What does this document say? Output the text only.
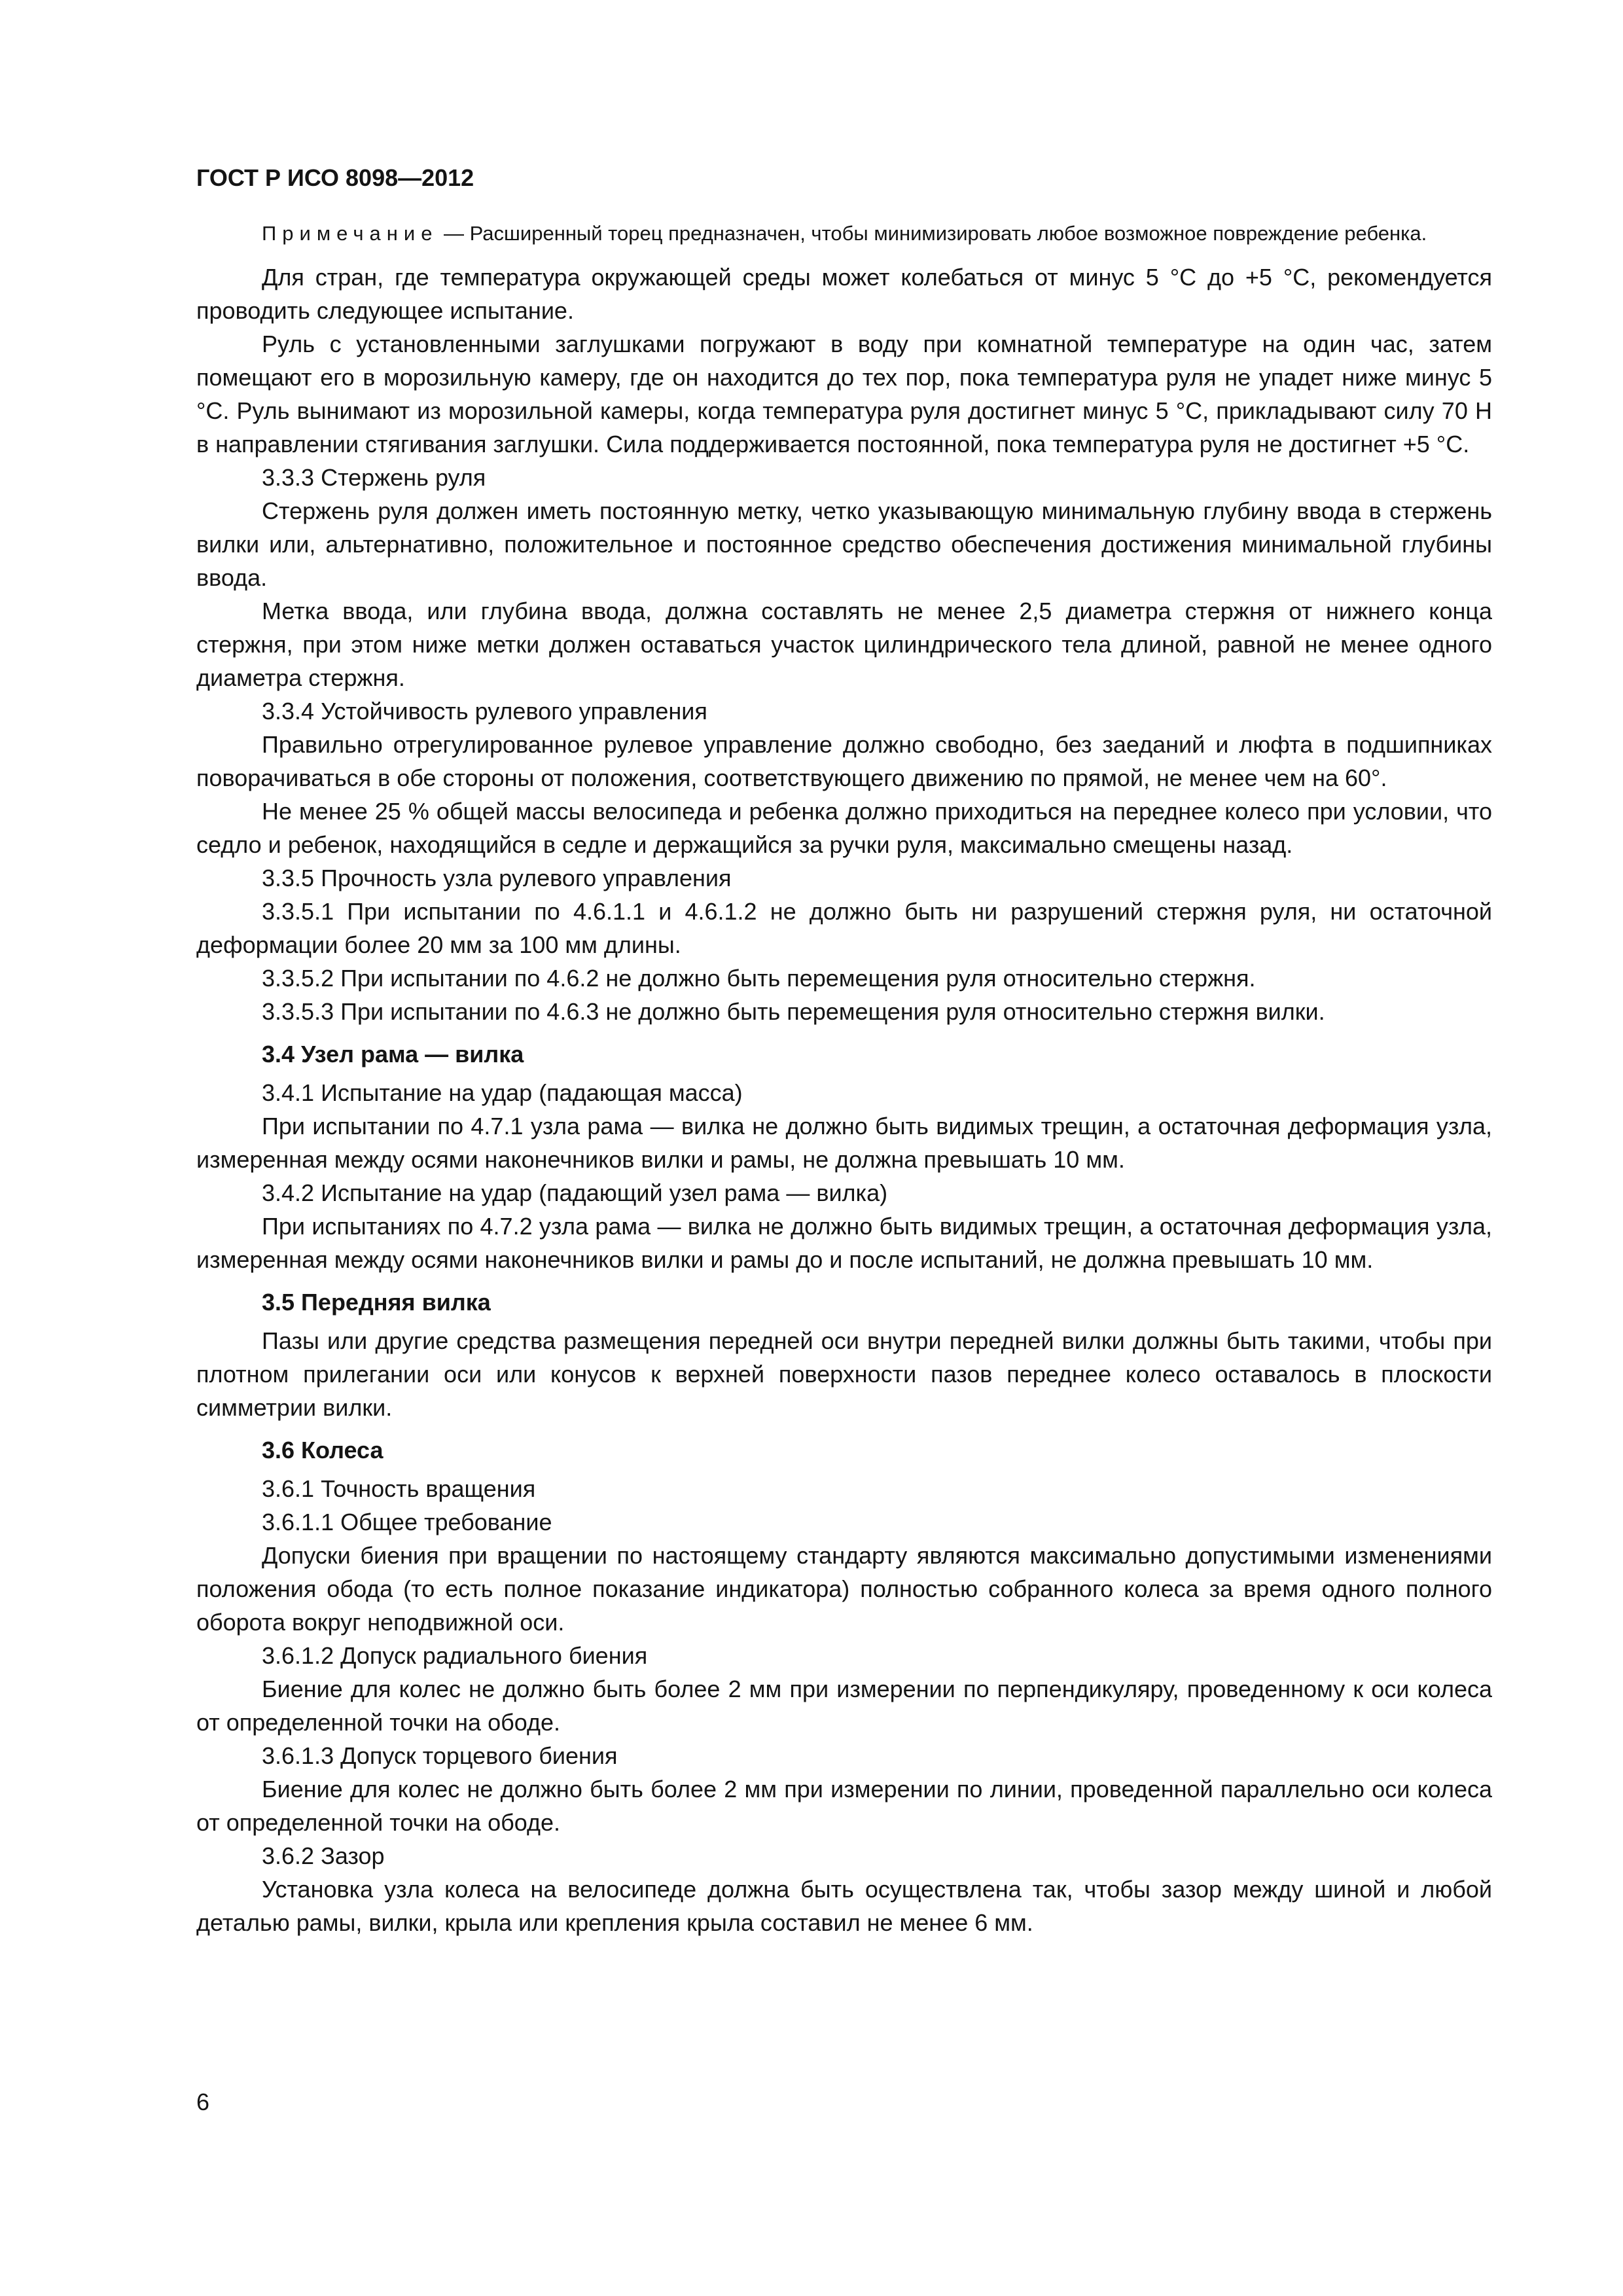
ГОСТ Р ИСО 8098—2012

Примечание — Расширенный торец предназначен, чтобы минимизировать любое возможное повреждение ребенка.

Для стран, где температура окружающей среды может колебаться от минус 5 °С до +5 °С, рекомендуется проводить следующее испытание.

Руль с установленными заглушками погружают в воду при комнатной температуре на один час, затем помещают его в морозильную камеру, где он находится до тех пор, пока температура руля не упадет ниже минус 5 °С. Руль вынимают из морозильной камеры, когда температура руля достигнет минус 5 °С, прикладывают силу 70 Н в направлении стягивания заглушки. Сила поддерживается постоянной, пока температура руля не достигнет +5 °С.

3.3.3 Стержень руля

Стержень руля должен иметь постоянную метку, четко указывающую минимальную глубину ввода в стержень вилки или, альтернативно, положительное и постоянное средство обеспечения достижения минимальной глубины ввода.

Метка ввода, или глубина ввода, должна составлять не менее 2,5 диаметра стержня от нижнего конца стержня, при этом ниже метки должен оставаться участок цилиндрического тела длиной, равной не менее одного диаметра стержня.

3.3.4 Устойчивость рулевого управления

Правильно отрегулированное рулевое управление должно свободно, без заеданий и люфта в подшипниках поворачиваться в обе стороны от положения, соответствующего движению по прямой, не менее чем на 60°.

Не менее 25 % общей массы велосипеда и ребенка должно приходиться на переднее колесо при условии, что седло и ребенок, находящийся в седле и держащийся за ручки руля, максимально смещены назад.

3.3.5 Прочность узла рулевого управления

3.3.5.1 При испытании по 4.6.1.1 и 4.6.1.2 не должно быть ни разрушений стержня руля, ни остаточной деформации более 20 мм за 100 мм длины.

3.3.5.2 При испытании по 4.6.2 не должно быть перемещения руля относительно стержня.

3.3.5.3 При испытании по 4.6.3 не должно быть перемещения руля относительно стержня вилки.

3.4 Узел рама — вилка

3.4.1 Испытание на удар (падающая масса)

При испытании по 4.7.1 узла рама — вилка не должно быть видимых трещин, а остаточная деформация узла, измеренная между осями наконечников вилки и рамы, не должна превышать 10 мм.

3.4.2 Испытание на удар (падающий узел рама — вилка)

При испытаниях по 4.7.2 узла рама — вилка не должно быть видимых трещин, а остаточная деформация узла, измеренная между осями наконечников вилки и рамы до и после испытаний, не должна превышать 10 мм.

3.5 Передняя вилка

Пазы или другие средства размещения передней оси внутри передней вилки должны быть такими, чтобы при плотном прилегании оси или конусов к верхней поверхности пазов переднее колесо оставалось в плоскости симметрии вилки.

3.6 Колеса

3.6.1 Точность вращения

3.6.1.1 Общее требование

Допуски биения при вращении по настоящему стандарту являются максимально допустимыми изменениями положения обода (то есть полное показание индикатора) полностью собранного колеса за время одного полного оборота вокруг неподвижной оси.

3.6.1.2 Допуск радиального биения

Биение для колес не должно быть более 2 мм при измерении по перпендикуляру, проведенному к оси колеса от определенной точки на ободе.

3.6.1.3 Допуск торцевого биения

Биение для колес не должно быть более 2 мм при измерении по линии, проведенной параллельно оси колеса от определенной точки на ободе.

3.6.2 Зазор

Установка узла колеса на велосипеде должна быть осуществлена так, чтобы зазор между шиной и любой деталью рамы, вилки, крыла или крепления крыла составил не менее 6 мм.

6
